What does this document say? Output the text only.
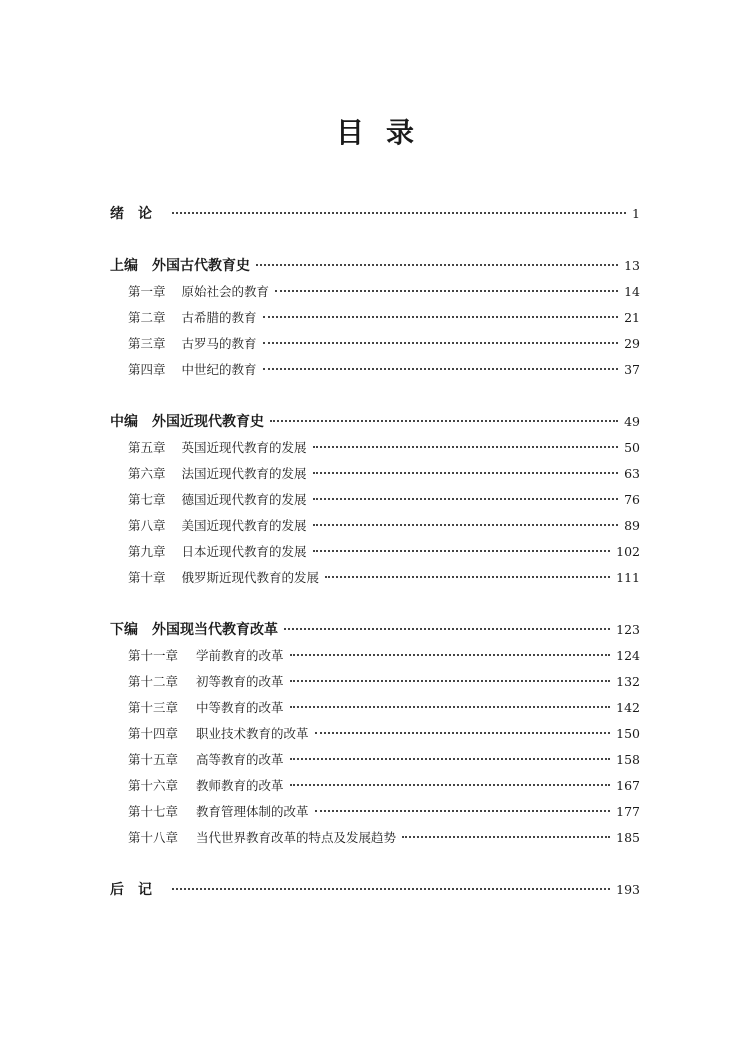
目 录
绪　论	1
上编 外国古代教育史	13
第一章 原始社会的教育	14
第二章 古希腊的教育	21
第三章 古罗马的教育	29
第四章 中世纪的教育	37
中编 外国近现代教育史	49
第五章 英国近现代教育的发展	50
第六章 法国近现代教育的发展	63
第七章 德国近现代教育的发展	76
第八章 美国近现代教育的发展	89
第九章 日本近现代教育的发展	102
第十章 俄罗斯近现代教育的发展	111
下编 外国现当代教育改革	123
第十一章 学前教育的改革	124
第十二章 初等教育的改革	132
第十三章 中等教育的改革	142
第十四章 职业技术教育的改革	150
第十五章 高等教育的改革	158
第十六章 教师教育的改革	167
第十七章 教育管理体制的改革	177
第十八章 当代世界教育改革的特点及发展趋势	185
后　记	193
